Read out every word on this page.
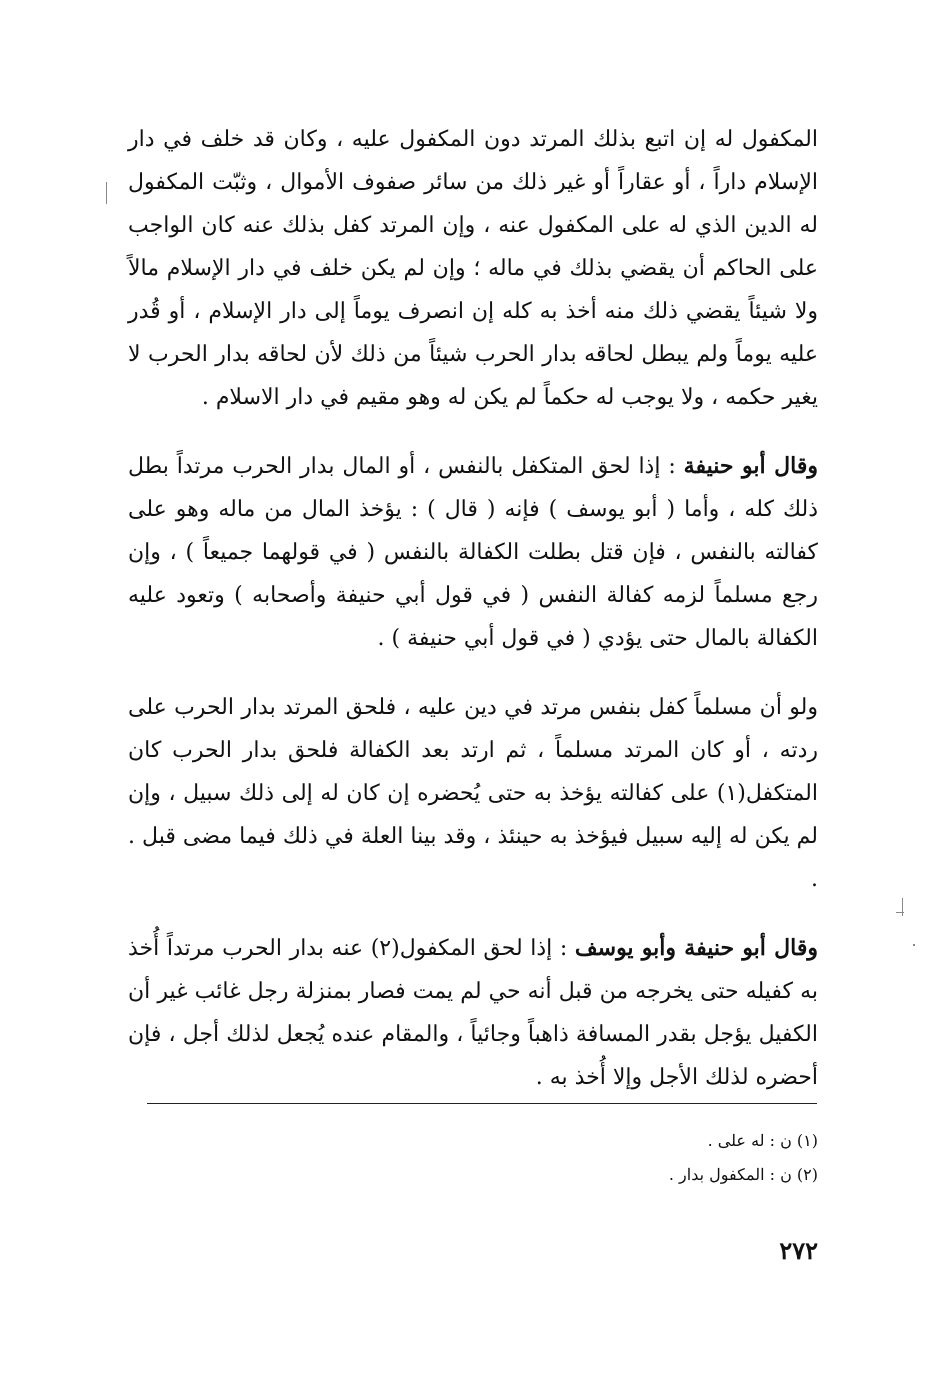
المكفول له إن اتبع بذلك المرتد دون المكفول عليه ، وكان قد خلف في دار الإسلام داراً ، أو عقاراً أو غير ذلك من سائر صفوف الأموال ، وثبّت المكفول له الدين الذي له على المكفول عنه ، وإن المرتد كفل بذلك عنه كان الواجب على الحاكم أن يقضي بذلك في ماله ؛ وإن لم يكن خلف في دار الإسلام مالاً ولا شيئاً يقضي ذلك منه أخذ به كله إن انصرف يوماً إلى دار الإسلام ، أو قُدر عليه يوماً ولم يبطل لحاقه بدار الحرب شيئاً من ذلك لأن لحاقه بدار الحرب لا يغير حكمه ، ولا يوجب له حكماً لم يكن له وهو مقيم في دار الاسلام .

وقال أبو حنيفة : إذا لحق المتكفل بالنفس ، أو المال بدار الحرب مرتداً بطل ذلك كله ، وأما ( أبو يوسف ) فإنه ( قال ) : يؤخذ المال من ماله وهو على كفالته بالنفس ، فإن قتل بطلت الكفالة بالنفس ( في قولهما جميعاً ) ، وإن رجع مسلماً لزمه كفالة النفس ( في قول أبي حنيفة وأصحابه ) وتعود عليه الكفالة بالمال حتى يؤدي ( في قول أبي حنيفة ) .

ولو أن مسلماً كفل بنفس مرتد في دين عليه ، فلحق المرتد بدار الحرب على ردته ، أو كان المرتد مسلماً ، ثم ارتد بعد الكفالة فلحق بدار الحرب كان المتكفل(١) على كفالته يؤخذ به حتى يُحضره إن كان له إلى ذلك سبيل ، وإن لم يكن له إليه سبيل فيؤخذ به حينئذ ، وقد بينا العلة في ذلك فيما مضى قبل . .

وقال أبو حنيفة وأبو يوسف : إذا لحق المكفول(٢) عنه بدار الحرب مرتداً أُخذ به كفيله حتى يخرجه من قبل أنه حي لم يمت فصار بمنزلة رجل غائب غير أن الكفيل يؤجل بقدر المسافة ذاهباً وجائياً ، والمقام عنده يُجعل لذلك أجل ، فإن أحضره لذلك الأجل وإلا أُخذ به .

(١) ن : له على .

(٢) ن : المكفول بدار .

٢٧٢
